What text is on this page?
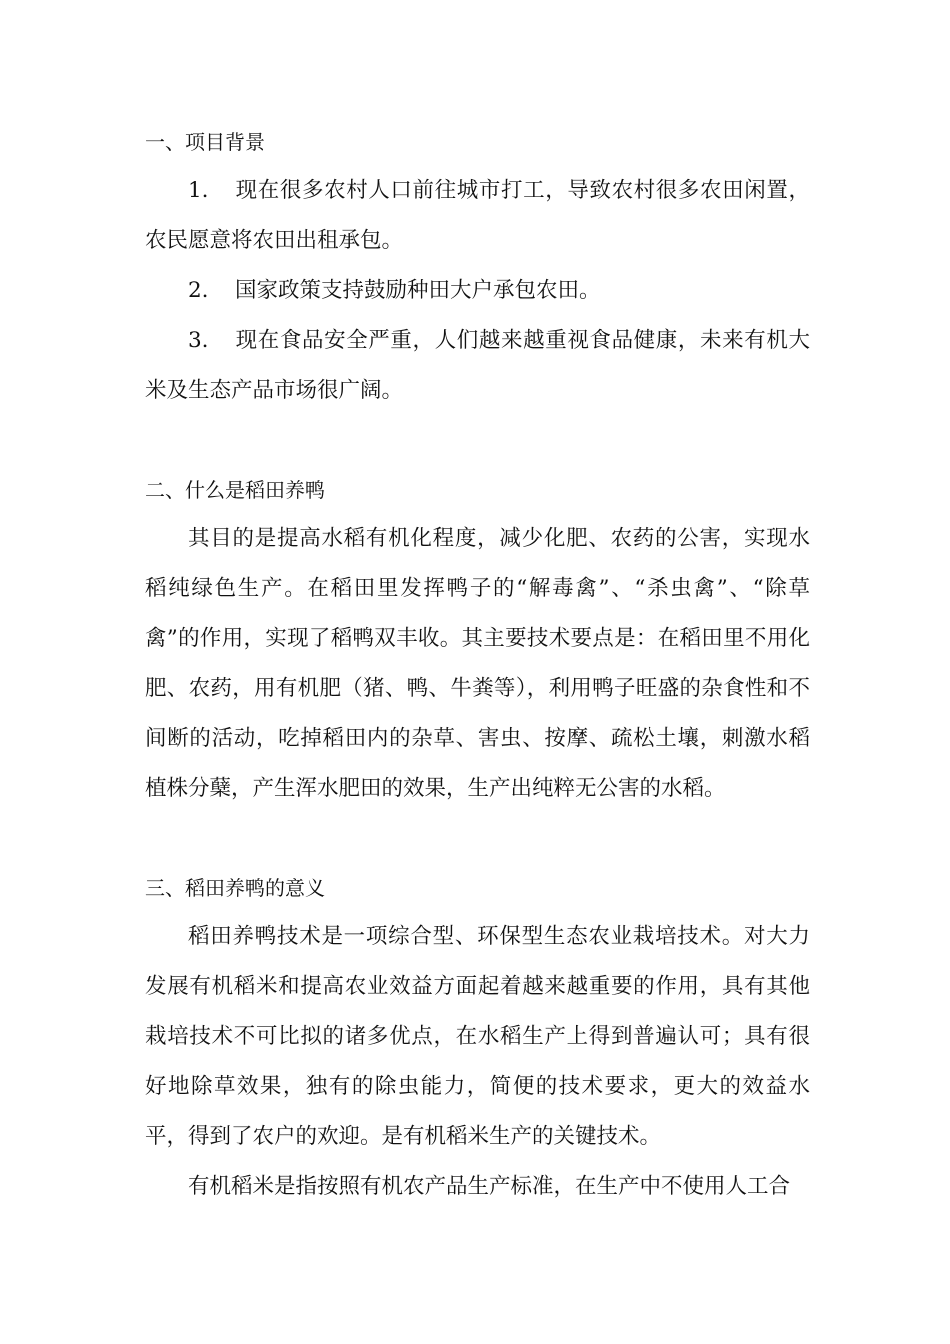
一、项目背景

1. 现在很多农村人口前往城市打工，导致农村很多农田闲置，农民愿意将农田出租承包。

2. 国家政策支持鼓励种田大户承包农田。

3. 现在食品安全严重，人们越来越重视食品健康，未来有机大米及生态产品市场很广阔。

二、什么是稻田养鸭

其目的是提高水稻有机化程度，减少化肥、农药的公害，实现水稻纯绿色生产。在稻田里发挥鸭子的“解毒禽”、“杀虫禽”、“除草禽”的作用，实现了稻鸭双丰收。其主要技术要点是：在稻田里不用化肥、农药，用有机肥（猪、鸭、牛粪等），利用鸭子旺盛的杂食性和不间断的活动，吃掉稻田内的杂草、害虫、按摩、疏松土壤，刺激水稻植株分蘖，产生浑水肥田的效果，生产出纯粹无公害的水稻。

三、稻田养鸭的意义

稻田养鸭技术是一项综合型、环保型生态农业栽培技术。对大力发展有机稻米和提高农业效益方面起着越来越重要的作用，具有其他栽培技术不可比拟的诸多优点，在水稻生产上得到普遍认可；具有很好地除草效果，独有的除虫能力，简便的技术要求，更大的效益水平，得到了农户的欢迎。是有机稻米生产的关键技术。

有机稻米是指按照有机农产品生产标准，在生产中不使用人工合
